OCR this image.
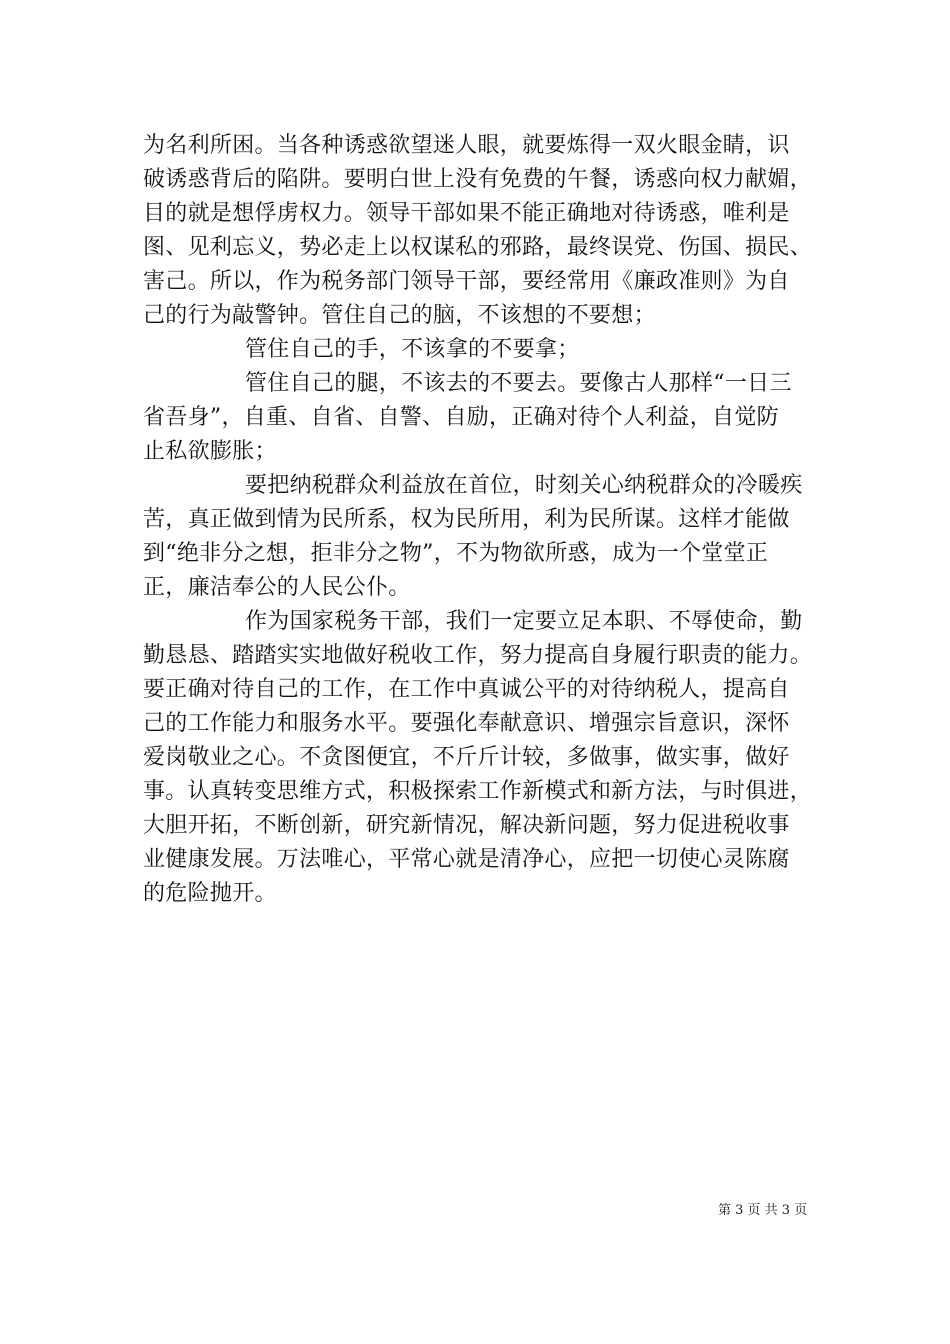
为名利所困。当各种诱惑欲望迷人眼，就要炼得一双火眼金睛，识
破诱惑背后的陷阱。要明白世上没有免费的午餐，诱惑向权力献媚，
目的就是想俘虏权力。领导干部如果不能正确地对待诱惑，唯利是
图、见利忘义，势必走上以权谋私的邪路，最终误党、伤国、损民、
害己。所以，作为税务部门领导干部，要经常用《廉政准则》为自
己的行为敲警钟。管住自己的脑，不该想的不要想；
管住自己的手，不该拿的不要拿；
管住自己的腿，不该去的不要去。要像古人那样“一日三
省吾身”，自重、自省、自警、自励，正确对待个人利益，自觉防
止私欲膨胀；
要把纳税群众利益放在首位，时刻关心纳税群众的冷暖疾
苦，真正做到情为民所系，权为民所用，利为民所谋。这样才能做
到“绝非分之想，拒非分之物”，不为物欲所惑，成为一个堂堂正
正，廉洁奉公的人民公仆。
作为国家税务干部，我们一定要立足本职、不辱使命，勤
勤恳恳、踏踏实实地做好税收工作，努力提高自身履行职责的能力。
要正确对待自己的工作，在工作中真诚公平的对待纳税人，提高自
己的工作能力和服务水平。要强化奉献意识、增强宗旨意识，深怀
爱岗敬业之心。不贪图便宜，不斤斤计较，多做事，做实事，做好
事。认真转变思维方式，积极探索工作新模式和新方法，与时俱进，
大胆开拓，不断创新，研究新情况，解决新问题，努力促进税收事
业健康发展。万法唯心，平常心就是清净心，应把一切使心灵陈腐
的危险抛开。
第 3 页 共 3 页
